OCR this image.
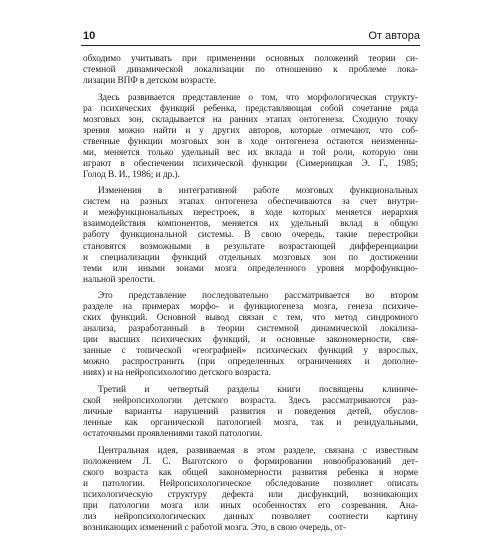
10	От автора

обходимо учитывать при применении основных положений теории си-
стемной динамической локализации по отношению к проблеме лока-
лизации ВПФ в детском возрасте.

Здесь развивается представление о том, что морфологическая структу-
ра психических функций ребенка, представляющая собой сочетание ряда
мозговых зон, складывается на ранних этапах онтогенеза. Сходную точку
зрения можно найти и у других авторов, которые отмечают, что соб-
ственные функции мозговых зон в ходе онтогенеза остаются неизменны-
ми, меняется только удельный вес их вклада и той роли, которую они
играют в обеспечении психической функции (Симерницкая Э. Г., 1985;
Голод В. И., 1986; и др.).

Изменения в интегративной работе мозговых функциональных
систем на разных этапах онтогенеза обеспечиваются за счет внутри-
и межфункциональных перестроек, в ходе которых меняется иерархия
взаимодействия компонентов, меняется их удельный вклад в общую
работу функциональной системы. В свою очередь, такие перестройки
становятся возможными в результате возрастающей дифференциации
и специализации функций отдельных мозговых зон по достижении
теми или иными зонами мозга определенного уровня морфофункцио-
нальной зрелости.

Это представление последовательно рассматривается во втором
разделе на примерах морфо- и функциогенеза мозга, генеза психиче-
ских функций. Основной вывод связан с тем, что метод синдромного
анализа, разработанный в теории системной динамической локализа-
ции высших психических функций, и основные закономерности, свя-
занные с топической «географией» психических функций у взрослых,
можно распространить (при определенных ограничениях и дополне-
ниях) и на нейропсихологию детского возраста.

Третий и четвертый разделы книги посвящены клиниче-
ской нейропсихологии детского возраста. Здесь рассматриваются раз-
личные варианты нарушений развития и поведения детей, обуслов-
ленные как органической патологией мозга, так и резидуальными,
остаточными проявлениями такой патологии.

Центральная идея, развиваемая в этом разделе, связана с известным
положением Л. С. Выготского о формировании новообразований дет-
ского возраста как общей закономерности развития ребенка в норме
и патологии. Нейропсихологическое обследование позволяет описать
психологическую структуру дефекта или дисфункций, возникающих
при патологии мозга или иных особенностях его созревания. Ана-
лиз нейропсихологических данных позволяет соотнести картину
возникающих изменений с работой мозга. Это, в свою очередь, от-
